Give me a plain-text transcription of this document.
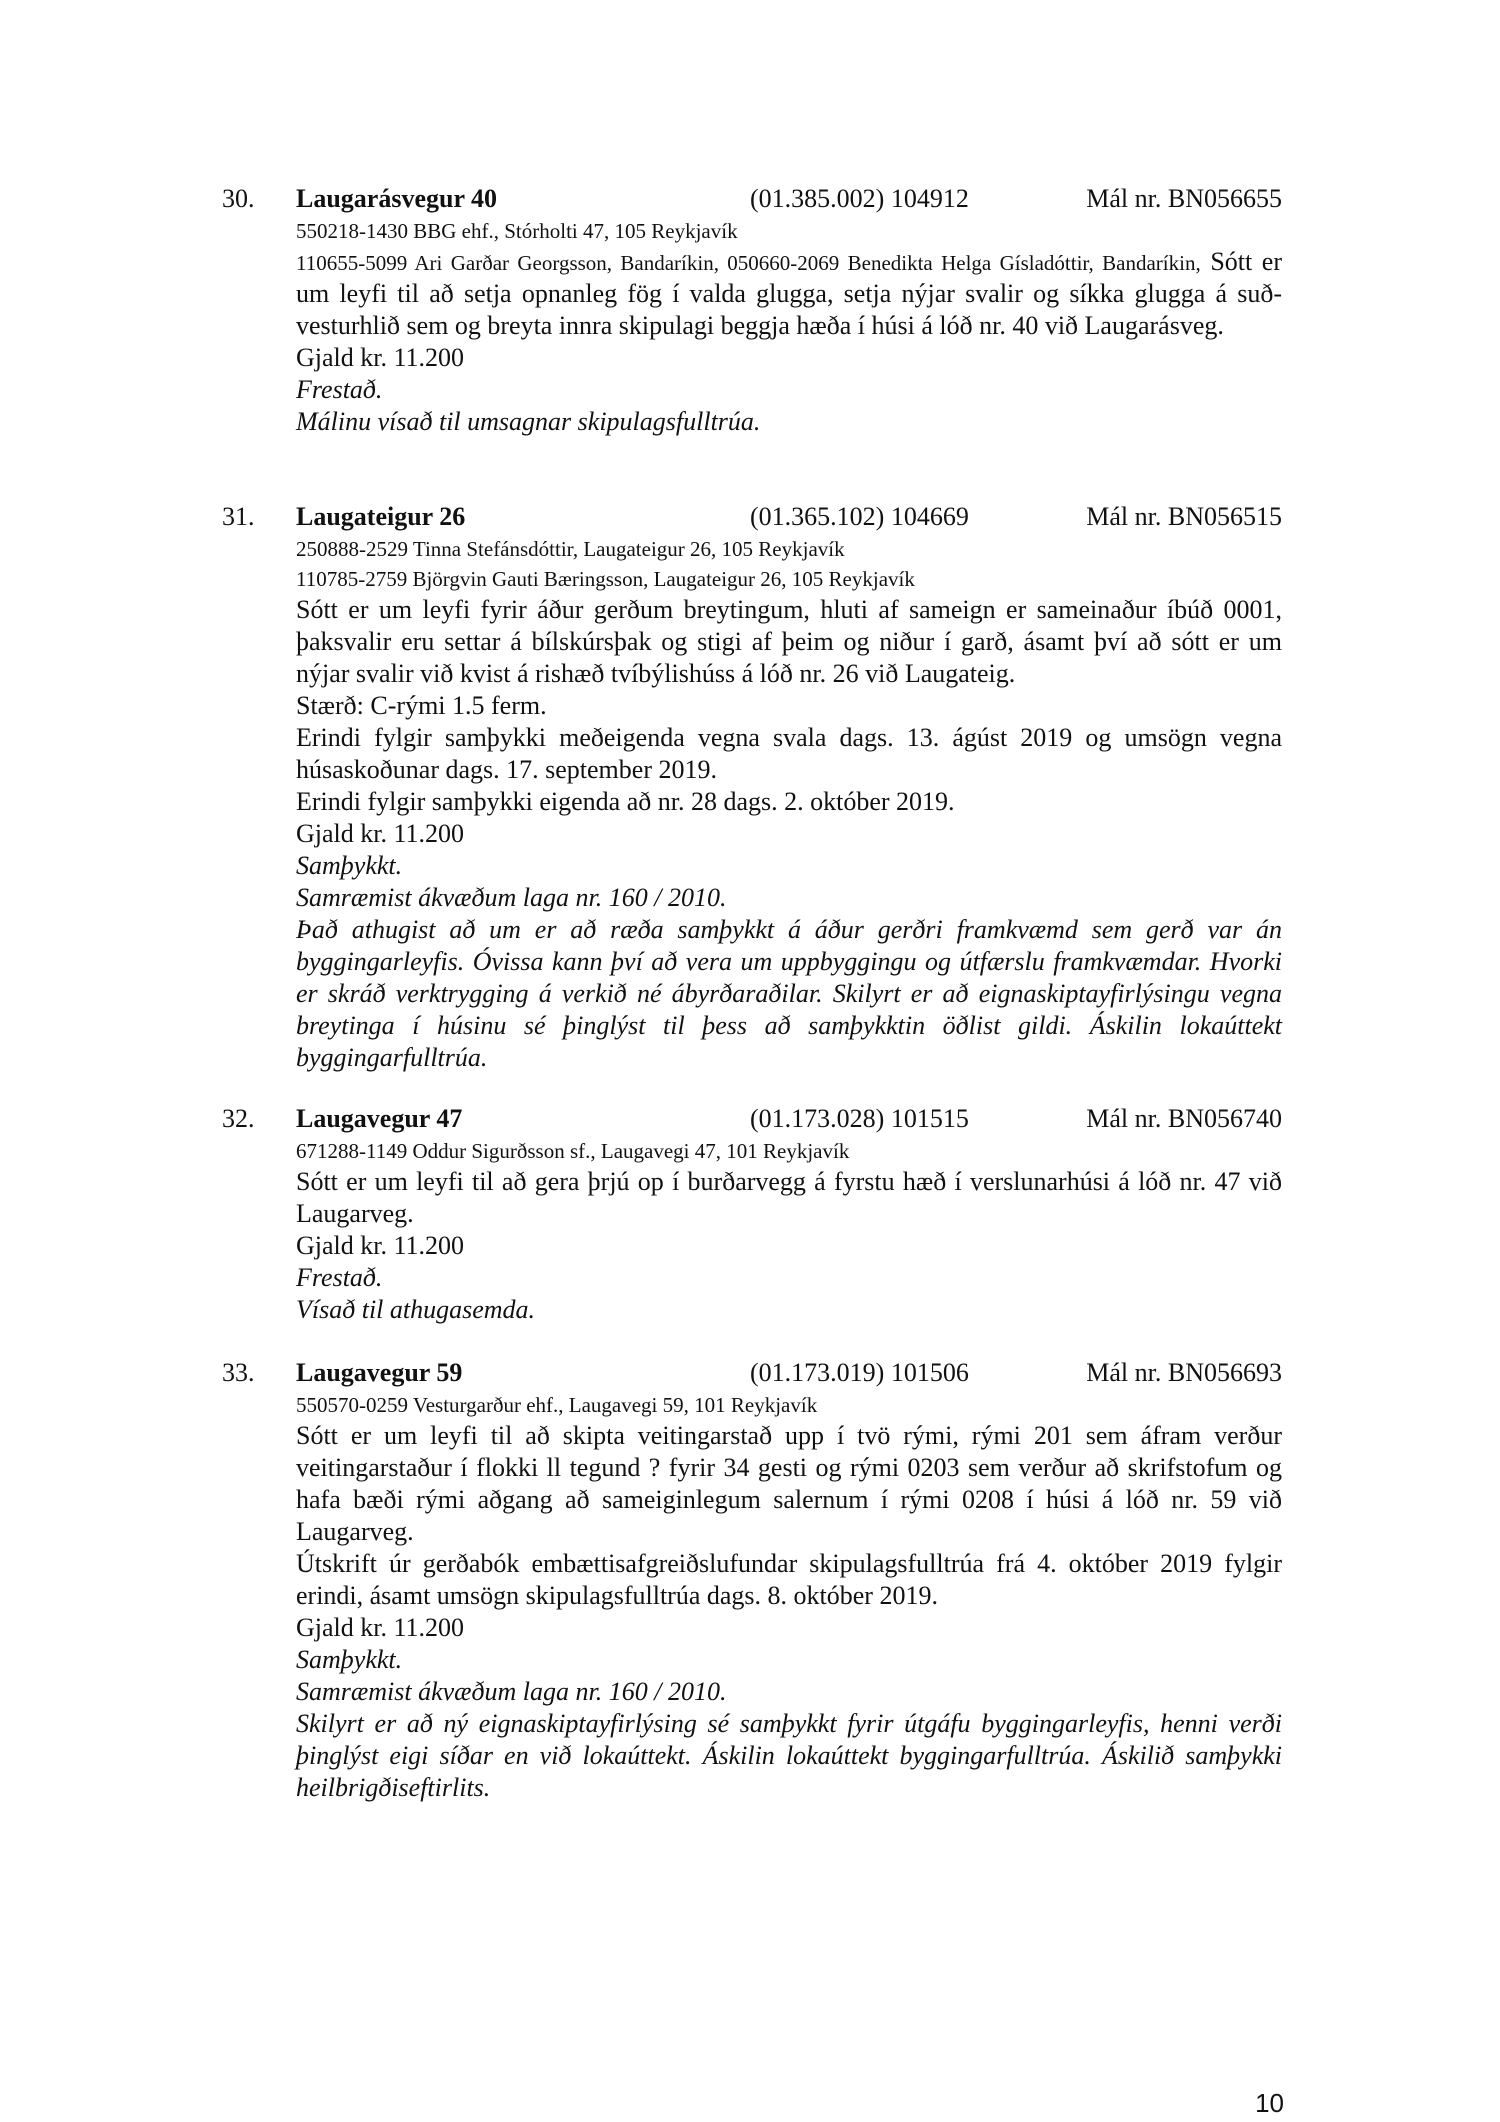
30. Laugarásvegur 40	(01.385.002) 104912	Mál nr. BN056655
550218-1430 BBG ehf., Stórholti 47, 105 Reykjavík

110655-5099 Ari Garðar Georgsson, Bandaríkin, 050660-2069 Benedikta Helga Gísladóttir, Bandaríkin, Sótt er um leyfi til að setja opnanleg fög í valda glugga, setja nýjar svalir og síkka glugga á suð-vesturhlið sem og breyta innra skipulagi beggja hæða í húsi á lóð nr. 40 við Laugarásveg.

Gjald kr. 11.200
Frestað.
Málinu vísað til umsagnar skipulagsfulltrúa.
31. Laugateigur 26	(01.365.102) 104669	Mál nr. BN056515
250888-2529 Tinna Stefánsdóttir, Laugateigur 26, 105 Reykjavík
110785-2759 Björgvin Gauti Bæringsson, Laugateigur 26, 105 Reykjavík

Sótt er um leyfi fyrir áður gerðum breytingum, hluti af sameign er sameinaður íbúð 0001, þaksvalir eru settar á bílskúrsþak og stigi af þeim og niður í garð, ásamt því að sótt er um nýjar svalir við kvist á rishæð tvíbýlishúss á lóð nr. 26 við Laugateig.

Stærð: C-rými 1.5 ferm.

Erindi fylgir samþykki meðeigenda vegna svala dags. 13. ágúst 2019 og umsögn vegna húsaskoðunar dags. 17. september 2019.

Erindi fylgir samþykki eigenda að nr. 28 dags. 2. október 2019.

Gjald kr. 11.200
Samþykkt.
Samræmist ákvæðum laga nr. 160 / 2010.

Það athugist að um er að ræða samþykkt á áður gerðri framkvæmd sem gerð var án byggingarleyfis. Óvissa kann því að vera um uppbyggingu og útfærslu framkvæmdar. Hvorki er skráð verktrygging á verkið né ábyrðaraðilar. Skilyrt er að eignaskiptayfirlýsingu vegna breytinga í húsinu sé þinglýst til þess að samþykktin öðlist gildi. Áskilin lokaúttekt byggingarfulltrúa.

32. Laugavegur 47	(01.173.028) 101515	Mál nr. BN056740
671288-1149 Oddur Sigurðsson sf., Laugavegi 47, 101 Reykjavík

Sótt er um leyfi til að gera þrjú op í burðarvegg á fyrstu hæð í verslunarhúsi á lóð nr. 47 við Laugarveg.

Gjald kr. 11.200
Frestað.
Vísað til athugasemda.
33. Laugavegur 59	(01.173.019) 101506	Mál nr. BN056693
550570-0259 Vesturgarður ehf., Laugavegi 59, 101 Reykjavík

Sótt er um leyfi til að skipta veitingarstað upp í tvö rými, rými 201 sem áfram verður veitingarstaður í flokki ll tegund ? fyrir 34 gesti og rými 0203 sem verður að skrifstofum og hafa bæði rými aðgang að sameiginlegum salernum í rými 0208 í húsi á lóð nr. 59 við Laugarveg.

Útskrift úr gerðabók embættisafgreiðslufundar skipulagsfulltrúa frá 4. október 2019 fylgir erindi, ásamt umsögn skipulagsfulltrúa dags. 8. október 2019.

Gjald kr. 11.200
Samþykkt.
Samræmist ákvæðum laga nr. 160 / 2010.

Skilyrt er að ný eignaskiptayfirlýsing sé samþykkt fyrir útgáfu byggingarleyfis, henni verði þinglýst eigi síðar en við lokaúttekt. Áskilin lokaúttekt byggingarfulltrúa. Áskilið samþykki heilbrigðiseftirlits.

10
